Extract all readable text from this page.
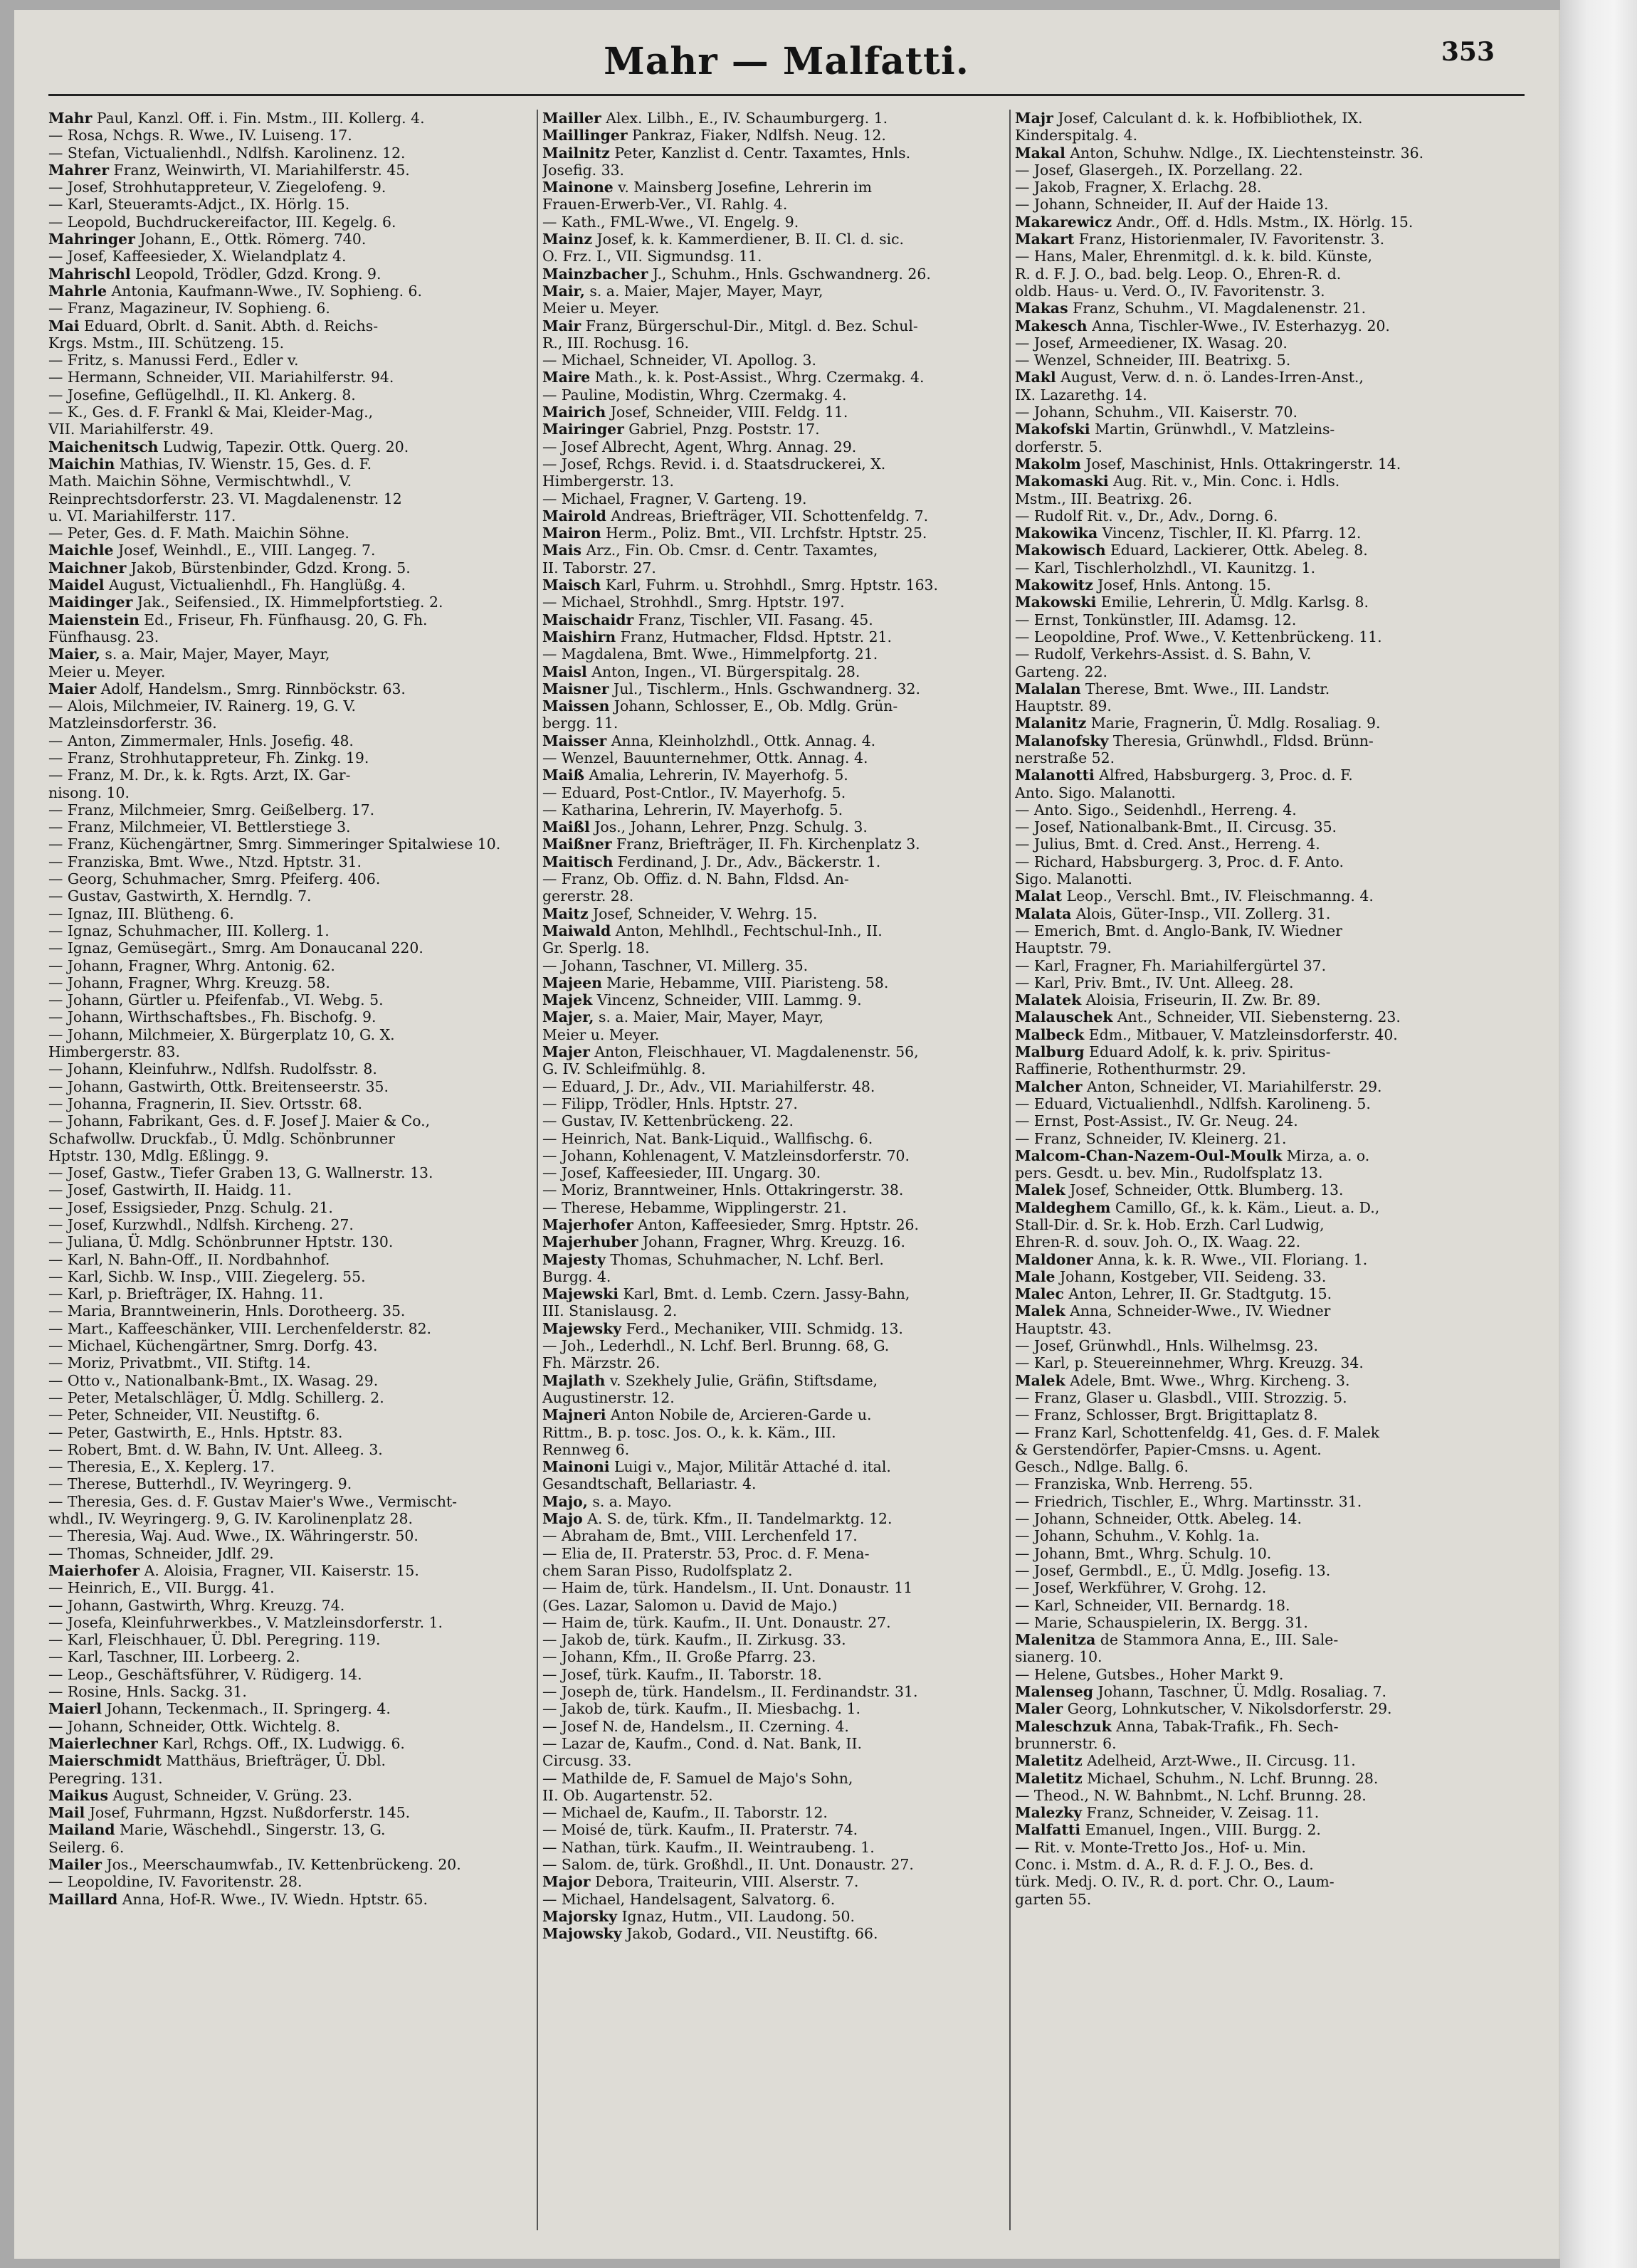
Mahr — Malfatti.	353
Mahr Paul, Kanzl. Off. i. Fin. Mstm., III. Kollerg. 4.
— Rosa, Nchgs. R. Wwe., IV. Luiseng. 17.
— Stefan, Victualienhdl., Ndlfsh. Karolinenz. 12.
Mahrer Franz, Weinwirth, VI. Mariahilferstr. 45.
— Josef, Strohhutappreteur, V. Ziegelofeng. 9.
— Karl, Steueramts-Adjct., IX. Hörlg. 15.
— Leopold, Buchdruckereifactor, III. Kegelg. 6.
Mahringer Johann, E., Ottk. Römerg. 740.
— Josef, Kaffeesieder, X. Wielandplatz 4.
Mahrischl Leopold, Trödler, Gdzd. Krong. 9.
Mahrle Antonia, Kaufmann-Wwe., IV. Sophieng. 6.
— Franz, Magazineur, IV. Sophieng. 6.
Mai Eduard, Obrlt. d. Sanit. Abth. d. Reichs-
Krgs. Mstm., III. Schützeng. 15.
— Fritz, s. Manussi Ferd., Edler v.
— Hermann, Schneider, VII. Mariahilferstr. 94.
— Josefine, Geflügelhdl., II. Kl. Ankerg. 8.
— K., Ges. d. F. Frankl & Mai, Kleider-Mag.,
VII. Mariahilferstr. 49.
Maichenitsch Ludwig, Tapezir. Ottk. Querg. 20.
Maichin Mathias, IV. Wienstr. 15, Ges. d. F.
Math. Maichin Söhne, Vermischtwhdl., V.
Reinprechtsdorferstr. 23. VI. Magdalenenstr. 12
u. VI. Mariahilferstr. 117.
— Peter, Ges. d. F. Math. Maichin Söhne.
Maichle Josef, Weinhdl., E., VIII. Langeg. 7.
Maichner Jakob, Bürstenbinder, Gdzd. Krong. 5.
Maidel August, Victualienhdl., Fh. Hanglüßg. 4.
Maidinger Jak., Seifensied., IX. Himmelpfortstieg. 2.
Maienstein Ed., Friseur, Fh. Fünfhausg. 20, G. Fh.
Fünfhausg. 23.
Maier, s. a. Mair, Majer, Mayer, Mayr,
Meier u. Meyer.
Maier Adolf, Handelsm., Smrg. Rinnböckstr. 63.
— Alois, Milchmeier, IV. Rainerg. 19, G. V.
Matzleinsdorferstr. 36.
— Anton, Zimmermaler, Hnls. Josefig. 48.
— Franz, Strohhutappreteur, Fh. Zinkg. 19.
— Franz, M. Dr., k. k. Rgts. Arzt, IX. Gar-
nisong. 10.
— Franz, Milchmeier, Smrg. Geißelberg. 17.
— Franz, Milchmeier, VI. Bettlerstiege 3.
— Franz, Küchengärtner, Smrg. Simmeringer Spitalwiese 10.
— Franziska, Bmt. Wwe., Ntzd. Hptstr. 31.
— Georg, Schuhmacher, Smrg. Pfeiferg. 406.
— Gustav, Gastwirth, X. Herndlg. 7.
— Ignaz, III. Blütheng. 6.
— Ignaz, Schuhmacher, III. Kollerg. 1.
— Ignaz, Gemüsegärt., Smrg. Am Donaucanal 220.
— Johann, Fragner, Whrg. Antonig. 62.
— Johann, Fragner, Whrg. Kreuzg. 58.
— Johann, Gürtler u. Pfeifenfab., VI. Webg. 5.
— Johann, Wirthschaftsbes., Fh. Bischofg. 9.
— Johann, Milchmeier, X. Bürgerplatz 10, G. X.
Himbergerstr. 83.
— Johann, Kleinfuhrw., Ndlfsh. Rudolfsstr. 8.
— Johann, Gastwirth, Ottk. Breitenseerstr. 35.
— Johanna, Fragnerin, II. Siev. Ortsstr. 68.
— Johann, Fabrikant, Ges. d. F. Josef J. Maier & Co.,
Schafwollw. Druckfab., Ü. Mdlg. Schönbrunner
Hptstr. 130, Mdlg. Eßlingg. 9.
— Josef, Gastw., Tiefer Graben 13, G. Wallnerstr. 13.
— Josef, Gastwirth, II. Haidg. 11.
— Josef, Essigsieder, Pnzg. Schulg. 21.
— Josef, Kurzwhdl., Ndlfsh. Kircheng. 27.
— Juliana, Ü. Mdlg. Schönbrunner Hptstr. 130.
— Karl, N. Bahn-Off., II. Nordbahnhof.
— Karl, Sichb. W. Insp., VIII. Ziegelerg. 55.
— Karl, p. Briefträger, IX. Hahng. 11.
— Maria, Branntweinerin, Hnls. Dorotheerg. 35.
— Mart., Kaffeeschänker, VIII. Lerchenfelderstr. 82.
— Michael, Küchengärtner, Smrg. Dorfg. 43.
— Moriz, Privatbmt., VII. Stiftg. 14.
— Otto v., Nationalbank-Bmt., IX. Wasag. 29.
— Peter, Metalschläger, Ü. Mdlg. Schillerg. 2.
— Peter, Schneider, VII. Neustiftg. 6.
— Peter, Gastwirth, E., Hnls. Hptstr. 83.
— Robert, Bmt. d. W. Bahn, IV. Unt. Alleeg. 3.
— Theresia, E., X. Keplerg. 17.
— Therese, Butterhdl., IV. Weyringerg. 9.
— Theresia, Ges. d. F. Gustav Maier's Wwe., Vermischt-
whdl., IV. Weyringerg. 9, G. IV. Karolinenplatz 28.
— Theresia, Waj. Aud. Wwe., IX. Währingerstr. 50.
— Thomas, Schneider, Jdlf. 29.
Maierhofer A. Aloisia, Fragner, VII. Kaiserstr. 15.
— Heinrich, E., VII. Burgg. 41.
— Johann, Gastwirth, Whrg. Kreuzg. 74.
— Josefa, Kleinfuhrwerkbes., V. Matzleinsdorferstr. 1.
— Karl, Fleischhauer, Ü. Dbl. Peregring. 119.
— Karl, Taschner, III. Lorbeerg. 2.
— Leop., Geschäftsführer, V. Rüdigerg. 14.
— Rosine, Hnls. Sackg. 31.
Maierl Johann, Teckenmach., II. Springerg. 4.
— Johann, Schneider, Ottk. Wichtelg. 8.
Maierlechner Karl, Rchgs. Off., IX. Ludwigg. 6.
Maierschmidt Matthäus, Briefträger, Ü. Dbl.
Peregring. 131.
Maikus August, Schneider, V. Grüng. 23.
Mail Josef, Fuhrmann, Hgzst. Nußdorferstr. 145.
Mailand Marie, Wäschehdl., Singerstr. 13, G.
Seilerg. 6.
Mailer Jos., Meerschaumwfab., IV. Kettenbrückeng. 20.
— Leopoldine, IV. Favoritenstr. 28.
Maillard Anna, Hof-R. Wwe., IV. Wiedn. Hptstr. 65.
Mailler Alex. Lilbh., E., IV. Schaumburgerg. 1.
Maillinger Pankraz, Fiaker, Ndlfsh. Neug. 12.
Mailnitz Peter, Kanzlist d. Centr. Taxamtes, Hnls.
Josefig. 33.
Mainone v. Mainsberg Josefine, Lehrerin im
Frauen-Erwerb-Ver., VI. Rahlg. 4.
— Kath., FML-Wwe., VI. Engelg. 9.
Mainz Josef, k. k. Kammerdiener, B. II. Cl. d. sic.
O. Frz. I., VII. Sigmundsg. 11.
Mainzbacher J., Schuhm., Hnls. Gschwandnerg. 26.
Mair, s. a. Maier, Majer, Mayer, Mayr,
Meier u. Meyer.
Mair Franz, Bürgerschul-Dir., Mitgl. d. Bez. Schul-
R., III. Rochusg. 16.
— Michael, Schneider, VI. Apollog. 3.
Maire Math., k. k. Post-Assist., Whrg. Czermakg. 4.
— Pauline, Modistin, Whrg. Czermakg. 4.
Mairich Josef, Schneider, VIII. Feldg. 11.
Mairinger Gabriel, Pnzg. Poststr. 17.
— Josef Albrecht, Agent, Whrg. Annag. 29.
— Josef, Rchgs. Revid. i. d. Staatsdruckerei, X.
Himbergerstr. 13.
— Michael, Fragner, V. Garteng. 19.
Mairold Andreas, Briefträger, VII. Schottenfeldg. 7.
Mairon Herm., Poliz. Bmt., VII. Lrchfstr. Hptstr. 25.
Mais Arz., Fin. Ob. Cmsr. d. Centr. Taxamtes,
II. Taborstr. 27.
Maisch Karl, Fuhrm. u. Strohhdl., Smrg. Hptstr. 163.
— Michael, Strohhdl., Smrg. Hptstr. 197.
Maischaidr Franz, Tischler, VII. Fasang. 45.
Maishirn Franz, Hutmacher, Fldsd. Hptstr. 21.
— Magdalena, Bmt. Wwe., Himmelpfortg. 21.
Maisl Anton, Ingen., VI. Bürgerspitalg. 28.
Maisner Jul., Tischlerm., Hnls. Gschwandnerg. 32.
Maissen Johann, Schlosser, E., Ob. Mdlg. Grün-
bergg. 11.
Maisser Anna, Kleinholzhdl., Ottk. Annag. 4.
— Wenzel, Bauunternehmer, Ottk. Annag. 4.
Maiß Amalia, Lehrerin, IV. Mayerhofg. 5.
— Eduard, Post-Cntlor., IV. Mayerhofg. 5.
— Katharina, Lehrerin, IV. Mayerhofg. 5.
Maißl Jos., Johann, Lehrer, Pnzg. Schulg. 3.
Maißner Franz, Briefträger, II. Fh. Kirchenplatz 3.
Maitisch Ferdinand, J. Dr., Adv., Bäckerstr. 1.
— Franz, Ob. Offiz. d. N. Bahn, Fldsd. An-
gererstr. 28.
Maitz Josef, Schneider, V. Wehrg. 15.
Maiwald Anton, Mehlhdl., Fechtschul-Inh., II.
Gr. Sperlg. 18.
— Johann, Taschner, VI. Millerg. 35.
Majeen Marie, Hebamme, VIII. Piaristeng. 58.
Majek Vincenz, Schneider, VIII. Lammg. 9.
Majer, s. a. Maier, Mair, Mayer, Mayr,
Meier u. Meyer.
Majer Anton, Fleischhauer, VI. Magdalenenstr. 56,
G. IV. Schleifmühlg. 8.
— Eduard, J. Dr., Adv., VII. Mariahilferstr. 48.
— Filipp, Trödler, Hnls. Hptstr. 27.
— Gustav, IV. Kettenbrückeng. 22.
— Heinrich, Nat. Bank-Liquid., Wallfischg. 6.
— Johann, Kohlenagent, V. Matzleinsdorferstr. 70.
— Josef, Kaffeesieder, III. Ungarg. 30.
— Moriz, Branntweiner, Hnls. Ottakringerstr. 38.
— Therese, Hebamme, Wipplingerstr. 21.
Majerhofer Anton, Kaffeesieder, Smrg. Hptstr. 26.
Majerhuber Johann, Fragner, Whrg. Kreuzg. 16.
Majesty Thomas, Schuhmacher, N. Lchf. Berl.
Burgg. 4.
Majewski Karl, Bmt. d. Lemb. Czern. Jassy-Bahn,
III. Stanislausg. 2.
Majewsky Ferd., Mechaniker, VIII. Schmidg. 13.
— Joh., Lederhdl., N. Lchf. Berl. Brunng. 68, G.
Fh. Märzstr. 26.
Majlath v. Szekhely Julie, Gräfin, Stiftsdame,
Augustinerstr. 12.
Majneri Anton Nobile de, Arcieren-Garde u.
Rittm., B. p. tosc. Jos. O., k. k. Käm., III.
Rennweg 6.
Mainoni Luigi v., Major, Militär Attaché d. ital.
Gesandtschaft, Bellariastr. 4.
Majo, s. a. Mayo.
Majo A. S. de, türk. Kfm., II. Tandelmarktg. 12.
— Abraham de, Bmt., VIII. Lerchenfeld 17.
— Elia de, II. Praterstr. 53, Proc. d. F. Mena-
chem Saran Pisso, Rudolfsplatz 2.
— Haim de, türk. Handelsm., II. Unt. Donaustr. 11
(Ges. Lazar, Salomon u. David de Majo.)
— Haim de, türk. Kaufm., II. Unt. Donaustr. 27.
— Jakob de, türk. Kaufm., II. Zirkusg. 33.
— Johann, Kfm., II. Große Pfarrg. 23.
— Josef, türk. Kaufm., II. Taborstr. 18.
— Joseph de, türk. Handelsm., II. Ferdinandstr. 31.
— Jakob de, türk. Kaufm., II. Miesbachg. 1.
— Josef N. de, Handelsm., II. Czerning. 4.
— Lazar de, Kaufm., Cond. d. Nat. Bank, II.
Circusg. 33.
— Mathilde de, F. Samuel de Majo's Sohn,
II. Ob. Augartenstr. 52.
— Michael de, Kaufm., II. Taborstr. 12.
— Moisé de, türk. Kaufm., II. Praterstr. 74.
— Nathan, türk. Kaufm., II. Weintraubeng. 1.
— Salom. de, türk. Großhdl., II. Unt. Donaustr. 27.
Major Debora, Traiteurin, VIII. Alserstr. 7.
— Michael, Handelsagent, Salvatorg. 6.
Majorsky Ignaz, Hutm., VII. Laudong. 50.
Majowsky Jakob, Godard., VII. Neustiftg. 66.
Majr Josef, Calculant d. k. k. Hofbibliothek, IX.
Kinderspitalg. 4.
Makal Anton, Schuhw. Ndlge., IX. Liechtensteinstr. 36.
— Josef, Glasergeh., IX. Porzellang. 22.
— Jakob, Fragner, X. Erlachg. 28.
— Johann, Schneider, II. Auf der Haide 13.
Makarewicz Andr., Off. d. Hdls. Mstm., IX. Hörlg. 15.
Makart Franz, Historienmaler, IV. Favoritenstr. 3.
— Hans, Maler, Ehrenmitgl. d. k. k. bild. Künste,
R. d. F. J. O., bad. belg. Leop. O., Ehren-R. d.
oldb. Haus- u. Verd. O., IV. Favoritenstr. 3.
Makas Franz, Schuhm., VI. Magdalenenstr. 21.
Makesch Anna, Tischler-Wwe., IV. Esterhazyg. 20.
— Josef, Armeediener, IX. Wasag. 20.
— Wenzel, Schneider, III. Beatrixg. 5.
Makl August, Verw. d. n. ö. Landes-Irren-Anst.,
IX. Lazarethg. 14.
— Johann, Schuhm., VII. Kaiserstr. 70.
Makofski Martin, Grünwhdl., V. Matzleins-
dorferstr. 5.
Makolm Josef, Maschinist, Hnls. Ottakringerstr. 14.
Makomaski Aug. Rit. v., Min. Conc. i. Hdls.
Mstm., III. Beatrixg. 26.
— Rudolf Rit. v., Dr., Adv., Dorng. 6.
Makowika Vincenz, Tischler, II. Kl. Pfarrg. 12.
Makowisch Eduard, Lackierer, Ottk. Abeleg. 8.
— Karl, Tischlerholzhdl., VI. Kaunitzg. 1.
Makowitz Josef, Hnls. Antong. 15.
Makowski Emilie, Lehrerin, Ü. Mdlg. Karlsg. 8.
— Ernst, Tonkünstler, III. Adamsg. 12.
— Leopoldine, Prof. Wwe., V. Kettenbrückeng. 11.
— Rudolf, Verkehrs-Assist. d. S. Bahn, V.
Garteng. 22.
Malalan Therese, Bmt. Wwe., III. Landstr.
Hauptstr. 89.
Malanitz Marie, Fragnerin, Ü. Mdlg. Rosaliag. 9.
Malanofsky Theresia, Grünwhdl., Fldsd. Brünn-
nerstraße 52.
Malanotti Alfred, Habsburgerg. 3, Proc. d. F.
Anto. Sigo. Malanotti.
— Anto. Sigo., Seidenhdl., Herreng. 4.
— Josef, Nationalbank-Bmt., II. Circusg. 35.
— Julius, Bmt. d. Cred. Anst., Herreng. 4.
— Richard, Habsburgerg. 3, Proc. d. F. Anto.
Sigo. Malanotti.
Malat Leop., Verschl. Bmt., IV. Fleischmanng. 4.
Malata Alois, Güter-Insp., VII. Zollerg. 31.
— Emerich, Bmt. d. Anglo-Bank, IV. Wiedner
Hauptstr. 79.
— Karl, Fragner, Fh. Mariahilfergürtel 37.
— Karl, Priv. Bmt., IV. Unt. Alleeg. 28.
Malatek Aloisia, Friseurin, II. Zw. Br. 89.
Malauschek Ant., Schneider, VII. Siebensterng. 23.
Malbeck Edm., Mitbauer, V. Matzleinsdorferstr. 40.
Malburg Eduard Adolf, k. k. priv. Spiritus-
Raffinerie, Rothenthurmstr. 29.
Malcher Anton, Schneider, VI. Mariahilferstr. 29.
— Eduard, Victualienhdl., Ndlfsh. Karolineng. 5.
— Ernst, Post-Assist., IV. Gr. Neug. 24.
— Franz, Schneider, IV. Kleinerg. 21.
Malcom-Chan-Nazem-Oul-Moulk Mirza, a. o.
pers. Gesdt. u. bev. Min., Rudolfsplatz 13.
Malek Josef, Schneider, Ottk. Blumberg. 13.
Maldeghem Camillo, Gf., k. k. Käm., Lieut. a. D.,
Stall-Dir. d. Sr. k. Hob. Erzh. Carl Ludwig,
Ehren-R. d. souv. Joh. O., IX. Waag. 22.
Maldoner Anna, k. k. R. Wwe., VII. Floriang. 1.
Male Johann, Kostgeber, VII. Seideng. 33.
Malec Anton, Lehrer, II. Gr. Stadtgutg. 15.
Malek Anna, Schneider-Wwe., IV. Wiedner
Hauptstr. 43.
— Josef, Grünwhdl., Hnls. Wilhelmsg. 23.
— Karl, p. Steuereinnehmer, Whrg. Kreuzg. 34.
Malek Adele, Bmt. Wwe., Whrg. Kircheng. 3.
— Franz, Glaser u. Glasbdl., VIII. Strozzig. 5.
— Franz, Schlosser, Brgt. Brigittaplatz 8.
— Franz Karl, Schottenfeldg. 41, Ges. d. F. Malek
& Gerstendörfer, Papier-Cmsns. u. Agent.
Gesch., Ndlge. Ballg. 6.
— Franziska, Wnb. Herreng. 55.
— Friedrich, Tischler, E., Whrg. Martinsstr. 31.
— Johann, Schneider, Ottk. Abeleg. 14.
— Johann, Schuhm., V. Kohlg. 1a.
— Johann, Bmt., Whrg. Schulg. 10.
— Josef, Germbdl., E., Ü. Mdlg. Josefig. 13.
— Josef, Werkführer, V. Grohg. 12.
— Karl, Schneider, VII. Bernardg. 18.
— Marie, Schauspielerin, IX. Bergg. 31.
Malenitza de Stammora Anna, E., III. Sale-
sianerg. 10.
— Helene, Gutsbes., Hoher Markt 9.
Malenseg Johann, Taschner, Ü. Mdlg. Rosaliag. 7.
Maler Georg, Lohnkutscher, V. Nikolsdorferstr. 29.
Maleschzuk Anna, Tabak-Trafik., Fh. Sech-
brunnerstr. 6.
Maletitz Adelheid, Arzt-Wwe., II. Circusg. 11.
Maletitz Michael, Schuhm., N. Lchf. Brunng. 28.
— Theod., N. W. Bahnbmt., N. Lchf. Brunng. 28.
Malezky Franz, Schneider, V. Zeisag. 11.
Malfatti Emanuel, Ingen., VIII. Burgg. 2.
— Rit. v. Monte-Tretto Jos., Hof- u. Min.
Conc. i. Mstm. d. A., R. d. F. J. O., Bes. d.
türk. Medj. O. IV., R. d. port. Chr. O., Laum-
garten 55.
